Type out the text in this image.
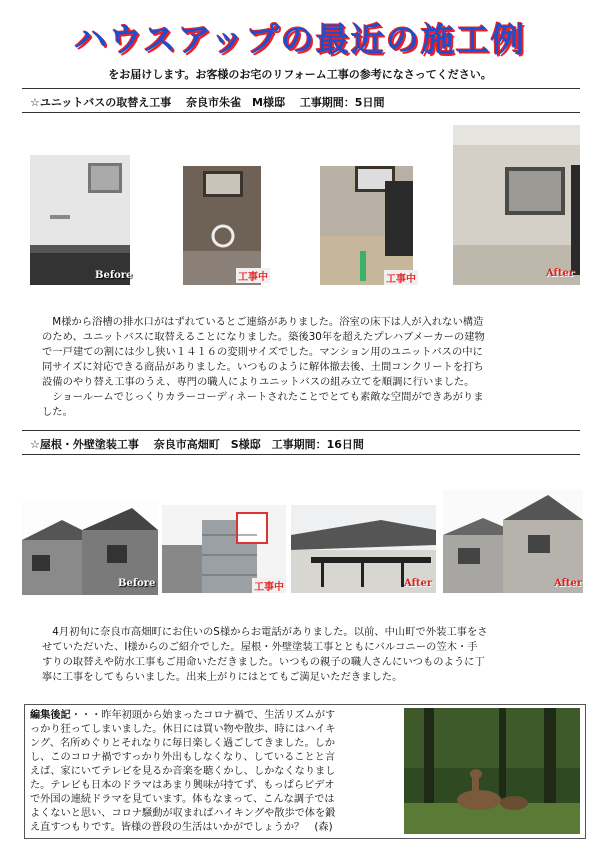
ハウスアップの最近の施工例
をお届けします。お客様のお宅のリフォーム工事の参考になさってください。
☆ユニットバスの取替え工事　 奈良市朱雀　M様邸　 工事期間：5日間
Before	工事中	工事中
After

　M様から浴槽の排水口がはずれているとご連絡がありました。浴室の床下は人が入れない構造

のため、ユニットバスに取替えることになりました。築後30年を超えたプレハブメーカーの建物

で一戸建ての割には少し狭い１４１６の変則サイズでした。マンション用のユニットバスの中に

同サイズに対応できる商品がありました。いつものように解体撤去後、土間コンクリートを打ち

設備のやり替え工事のうえ、専門の職人によりユニットバスの組み立てを順調に行いました。

　ショールームでじっくりカラーコーディネートされたことでとても素敵な空間ができあがりま

した。

☆屋根・外壁塗装工事　 奈良市高畑町　S様邸　工事期間：16日間
Before	工事中	After	After

　4月初旬に奈良市高畑町にお住いのS様からお電話がありました。以前、中山町で外装工事をさ

せていただいた、I様からのご紹介でした。屋根・外壁塗装工事とともにバルコニーの笠木・手

すりの取替えや防水工事もご用命いただきました。いつもの親子の職人さんにいつものように丁

寧に工事をしてもらいました。出来上がりにはとてもご満足いただきました。

編集後記・・・昨年初頭から始まったコロナ禍で、生活リズムがす

っかり狂ってしまいました。休日には買い物や散歩、時にはハイキ

ング、名所めぐりとそれなりに毎日楽しく過ごしてきました。しか

し、このコロナ禍ですっかり外出もしなくなり、していることと言

えば、家にいてテレビを見るか音楽を聴くかし、しかなくなりまし

た。テレビも日本のドラマはあまり興味が持てず、もっぱらビデオ

で外国の連続ドラマを見ています。体もなまって、こんな調子では

よくないと思い、コロナ騒動が収まればハイキングや散歩で体を鍛

え直すつもりです。皆様の普段の生活はいかがでしょうか？　(森)
